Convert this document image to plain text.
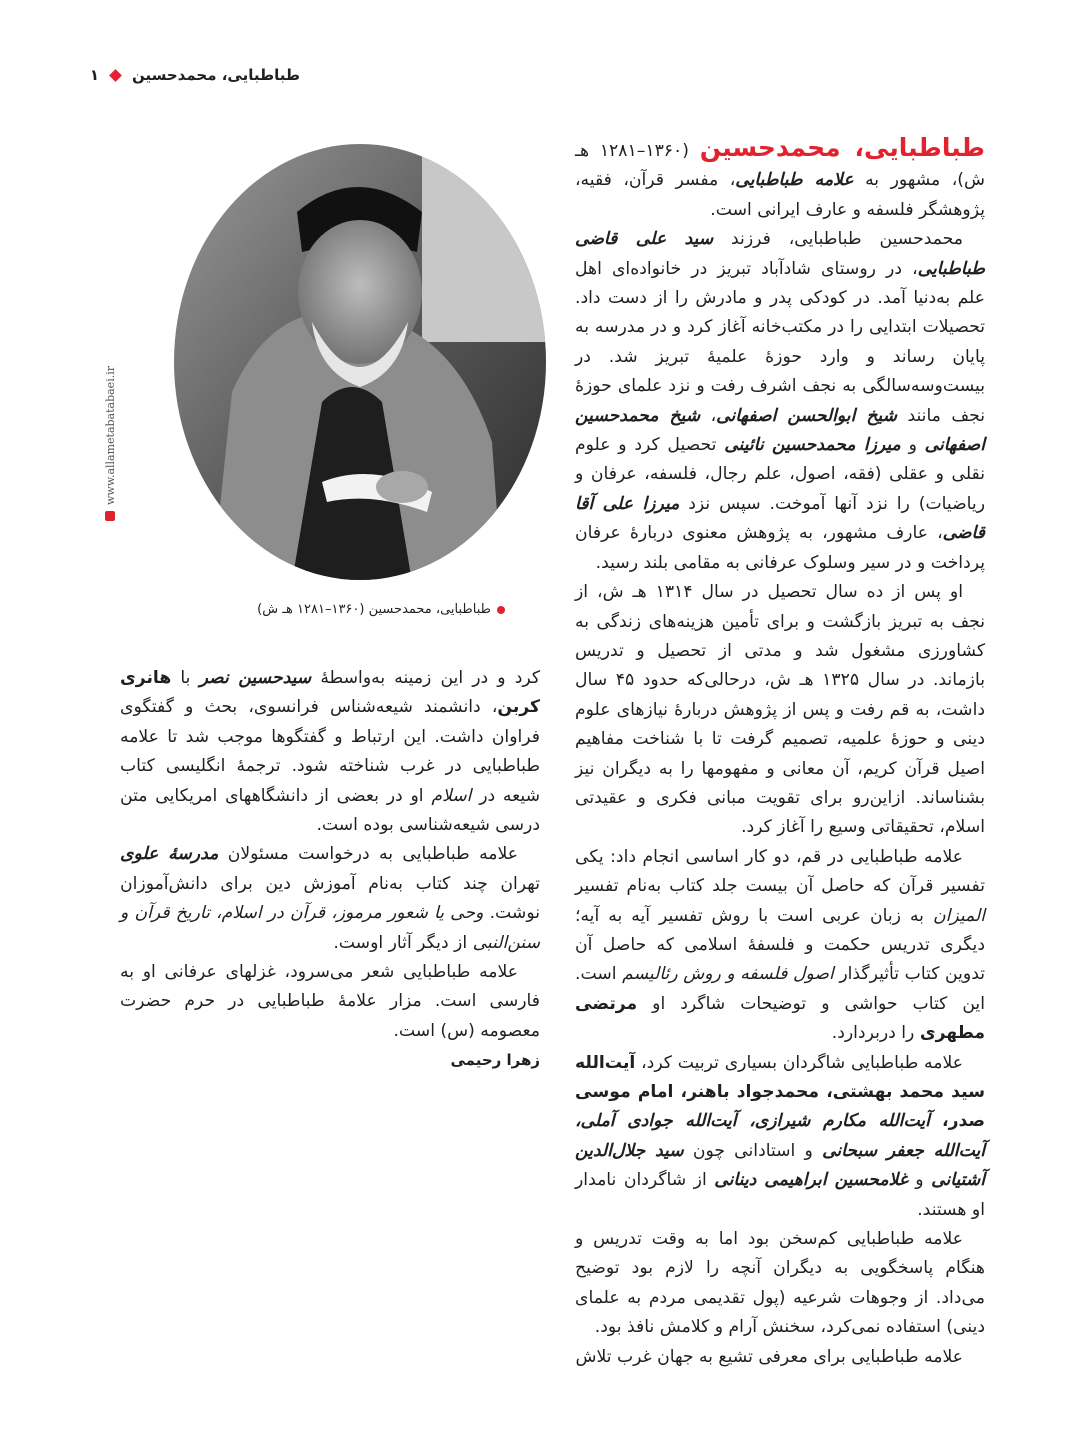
طباطبایی، محمدحسین
۱

طباطبایی، محمدحسین (۱۳۶۰–۱۲۸۱ هـ ش)، مشهور به علامه طباطبایی، مفسر قرآن، فقیه، پژوهشگر فلسفه و عارف ایرانی است.

محمدحسین طباطبایی، فرزند سید علی قاضی طباطبایی، در روستای شادآباد تبریز در خانواده‌ای اهل علم به‌دنیا آمد. در کودکی پدر و مادرش را از دست داد. تحصیلات ابتدایی را در مکتب‌خانه آغاز کرد و در مدرسه به پایان رساند و وارد حوزهٔ علمیهٔ تبریز شد. در بیست‌وسه‌سالگی به نجف اشرف رفت و نزد علمای حوزهٔ نجف مانند شیخ ابوالحسن اصفهانی، شیخ محمدحسین اصفهانی و میرزا محمدحسین نائینی تحصیل کرد و علوم نقلی و عقلی (فقه، اصول، علم رجال، فلسفه، عرفان و ریاضیات) را نزد آنها آموخت. سپس نزد میرزا علی آقا قاضی، عارف مشهور، به پژوهش معنوی دربارهٔ عرفان پرداخت و در سیر وسلوک عرفانی به مقامی بلند رسید.

او پس از ده سال تحصیل در سال ۱۳۱۴ هـ ش، از نجف به تبریز بازگشت و برای تأمین هزینه‌های زندگی به کشاورزی مشغول شد و مدتی از تحصیل و تدریس بازماند. در سال ۱۳۲۵ هـ ش، درحالی‌که حدود ۴۵ سال داشت، به قم رفت و پس از پژوهش دربارهٔ نیازهای علوم دینی و حوزهٔ علمیه، تصمیم گرفت تا با شناخت مفاهیم اصیل قرآن کریم، آن معانی و مفهومها را به دیگران نیز بشناساند. ازاین‌رو برای تقویت مبانی فکری و عقیدتی اسلام، تحقیقاتی وسیع را آغاز کرد.

علامه طباطبایی در قم، دو کار اساسی انجام داد: یکی تفسیر قرآن که حاصل آن بیست جلد کتاب به‌نام تفسیر المیزان به زبان عربی است با روش تفسیر آیه به آیه؛ دیگری تدریس حکمت و فلسفهٔ اسلامی که حاصل آن تدوین کتاب تأثیرگذار اصول فلسفه و روش رئالیسم است. این کتاب حواشی و توضیحات شاگرد او مرتضی مطهری را دربردارد.

علامه طباطبایی شاگردان بسیاری تربیت کرد، آیت‌الله سید محمد بهشتی، محمدجواد باهنر، امام موسی صدر، آیت‌الله مکارم شیرازی، آیت‌الله جوادی آملی، آیت‌الله جعفر سبحانی و استادانی چون سید جلال‌الدین آشتیانی و غلامحسین ابراهیمی دینانی از شاگردان نامدار او هستند.

علامه طباطبایی کم‌سخن بود اما به وقت تدریس و هنگام پاسخگویی به دیگران آنچه را لازم بود توضیح می‌داد. از وجوهات شرعیه (پول تقدیمی مردم به علمای دینی) استفاده نمی‌کرد، سخنش آرام و کلامش نافذ بود.

علامه طباطبایی برای معرفی تشیع به جهان غرب تلاش

طباطبایی، محمدحسین (۱۳۶۰–۱۲۸۱ هـ ش)
www.allametabatabaei.ir

کرد و در این زمینه به‌واسطهٔ سیدحسین نصر با هانری کربن، دانشمند شیعه‌شناس فرانسوی، بحث و گفتگوی فراوان داشت. این ارتباط و گفتگوها موجب شد تا علامه طباطبایی در غرب شناخته شود. ترجمهٔ انگلیسی کتاب شیعه در اسلام او در بعضی از دانشگاههای امریکایی متن درسی شیعه‌شناسی بوده است.

علامه طباطبایی به درخواست مسئولان مدرسهٔ علوی تهران چند کتاب به‌نام آموزش دین برای دانش‌آموزان نوشت. وحی یا شعور مرموز، قرآن در اسلام، تاریخ قرآن و سنن‌النبی از دیگر آثار اوست.

علامه طباطبایی شعر می‌سرود، غزلهای عرفانی او به فارسی است. مزار علامهٔ طباطبایی در حرم حضرت معصومه (س) است.

زهرا رحیمی
